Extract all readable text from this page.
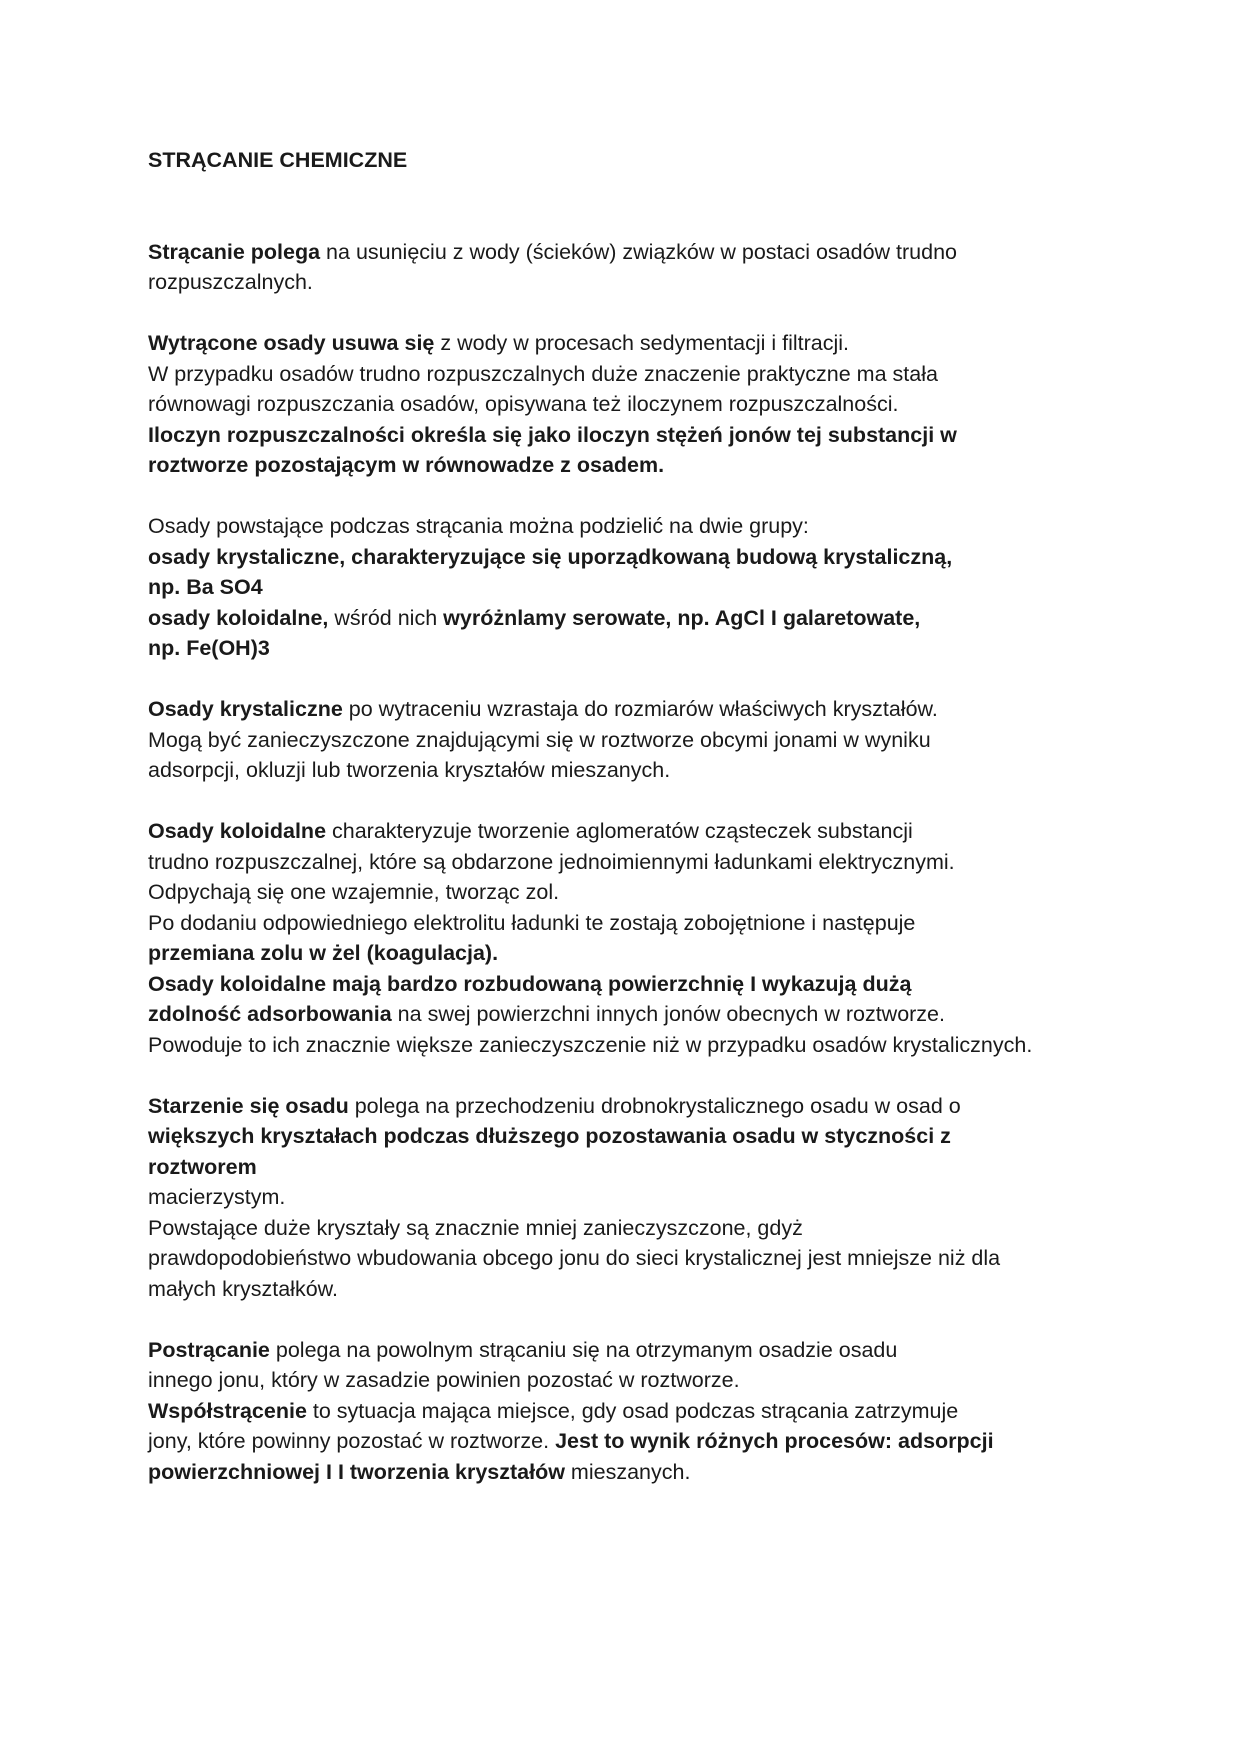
STRĄCANIE CHEMICZNE
Strącanie polega na usunięciu z wody (ścieków) związków w postaci osadów trudno
rozpuszczalnych.
Wytrącone osady usuwa się z wody w procesach sedymentacji i filtracji.
W przypadku osadów trudno rozpuszczalnych duże znaczenie praktyczne ma stała
równowagi rozpuszczania osadów, opisywana też iloczynem rozpuszczalności.
Iloczyn rozpuszczalności określa się jako iloczyn stężeń jonów tej substancji w
roztworze pozostającym w równowadze z osadem.
Osady powstające podczas strącania można podzielić na dwie grupy:
osady krystaliczne, charakteryzujące się uporządkowaną budową krystaliczną,
np. Ba SO4
osady koloidalne, wśród nich wyróżnlamy serowate, np. AgCl I galaretowate,
np. Fe(OH)3
Osady krystaliczne po wytraceniu wzrastaja do rozmiarów właściwych kryształów.
Mogą być zanieczyszczone znajdującymi się w roztworze obcymi jonami w wyniku
adsorpcji, okluzji lub tworzenia kryształów mieszanych.
Osady koloidalne charakteryzuje tworzenie aglomeratów cząsteczek substancji
trudno rozpuszczalnej, które są obdarzone jednoimiennymi ładunkami elektrycznymi.
Odpychają się one wzajemnie, tworząc zol.
Po dodaniu odpowiedniego elektrolitu ładunki te zostają zobojętnione i następuje
przemiana zolu w żel (koagulacja).
Osady koloidalne mają bardzo rozbudowaną powierzchnię I wykazują dużą
zdolność adsorbowania na swej powierzchni innych jonów obecnych w roztworze.
Powoduje to ich znacznie większe zanieczyszczenie niż w przypadku osadów krystalicznych.
Starzenie się osadu polega na przechodzeniu drobnokrystalicznego osadu w osad o
większych kryształach podczas dłuższego pozostawania osadu w styczności z
roztworem
macierzystym.
Powstające duże kryształy są znacznie mniej zanieczyszczone, gdyż
prawdopodobieństwo wbudowania obcego jonu do sieci krystalicznej jest mniejsze niż dla
małych kryształków.
Postrącanie polega na powolnym strącaniu się na otrzymanym osadzie osadu
innego jonu, który w zasadzie powinien pozostać w roztworze.
Współstrącenie to sytuacja mająca miejsce, gdy osad podczas strącania zatrzymuje
jony, które powinny pozostać w roztworze. Jest to wynik różnych procesów: adsorpcji
powierzchniowej I I tworzenia kryształów mieszanych.
